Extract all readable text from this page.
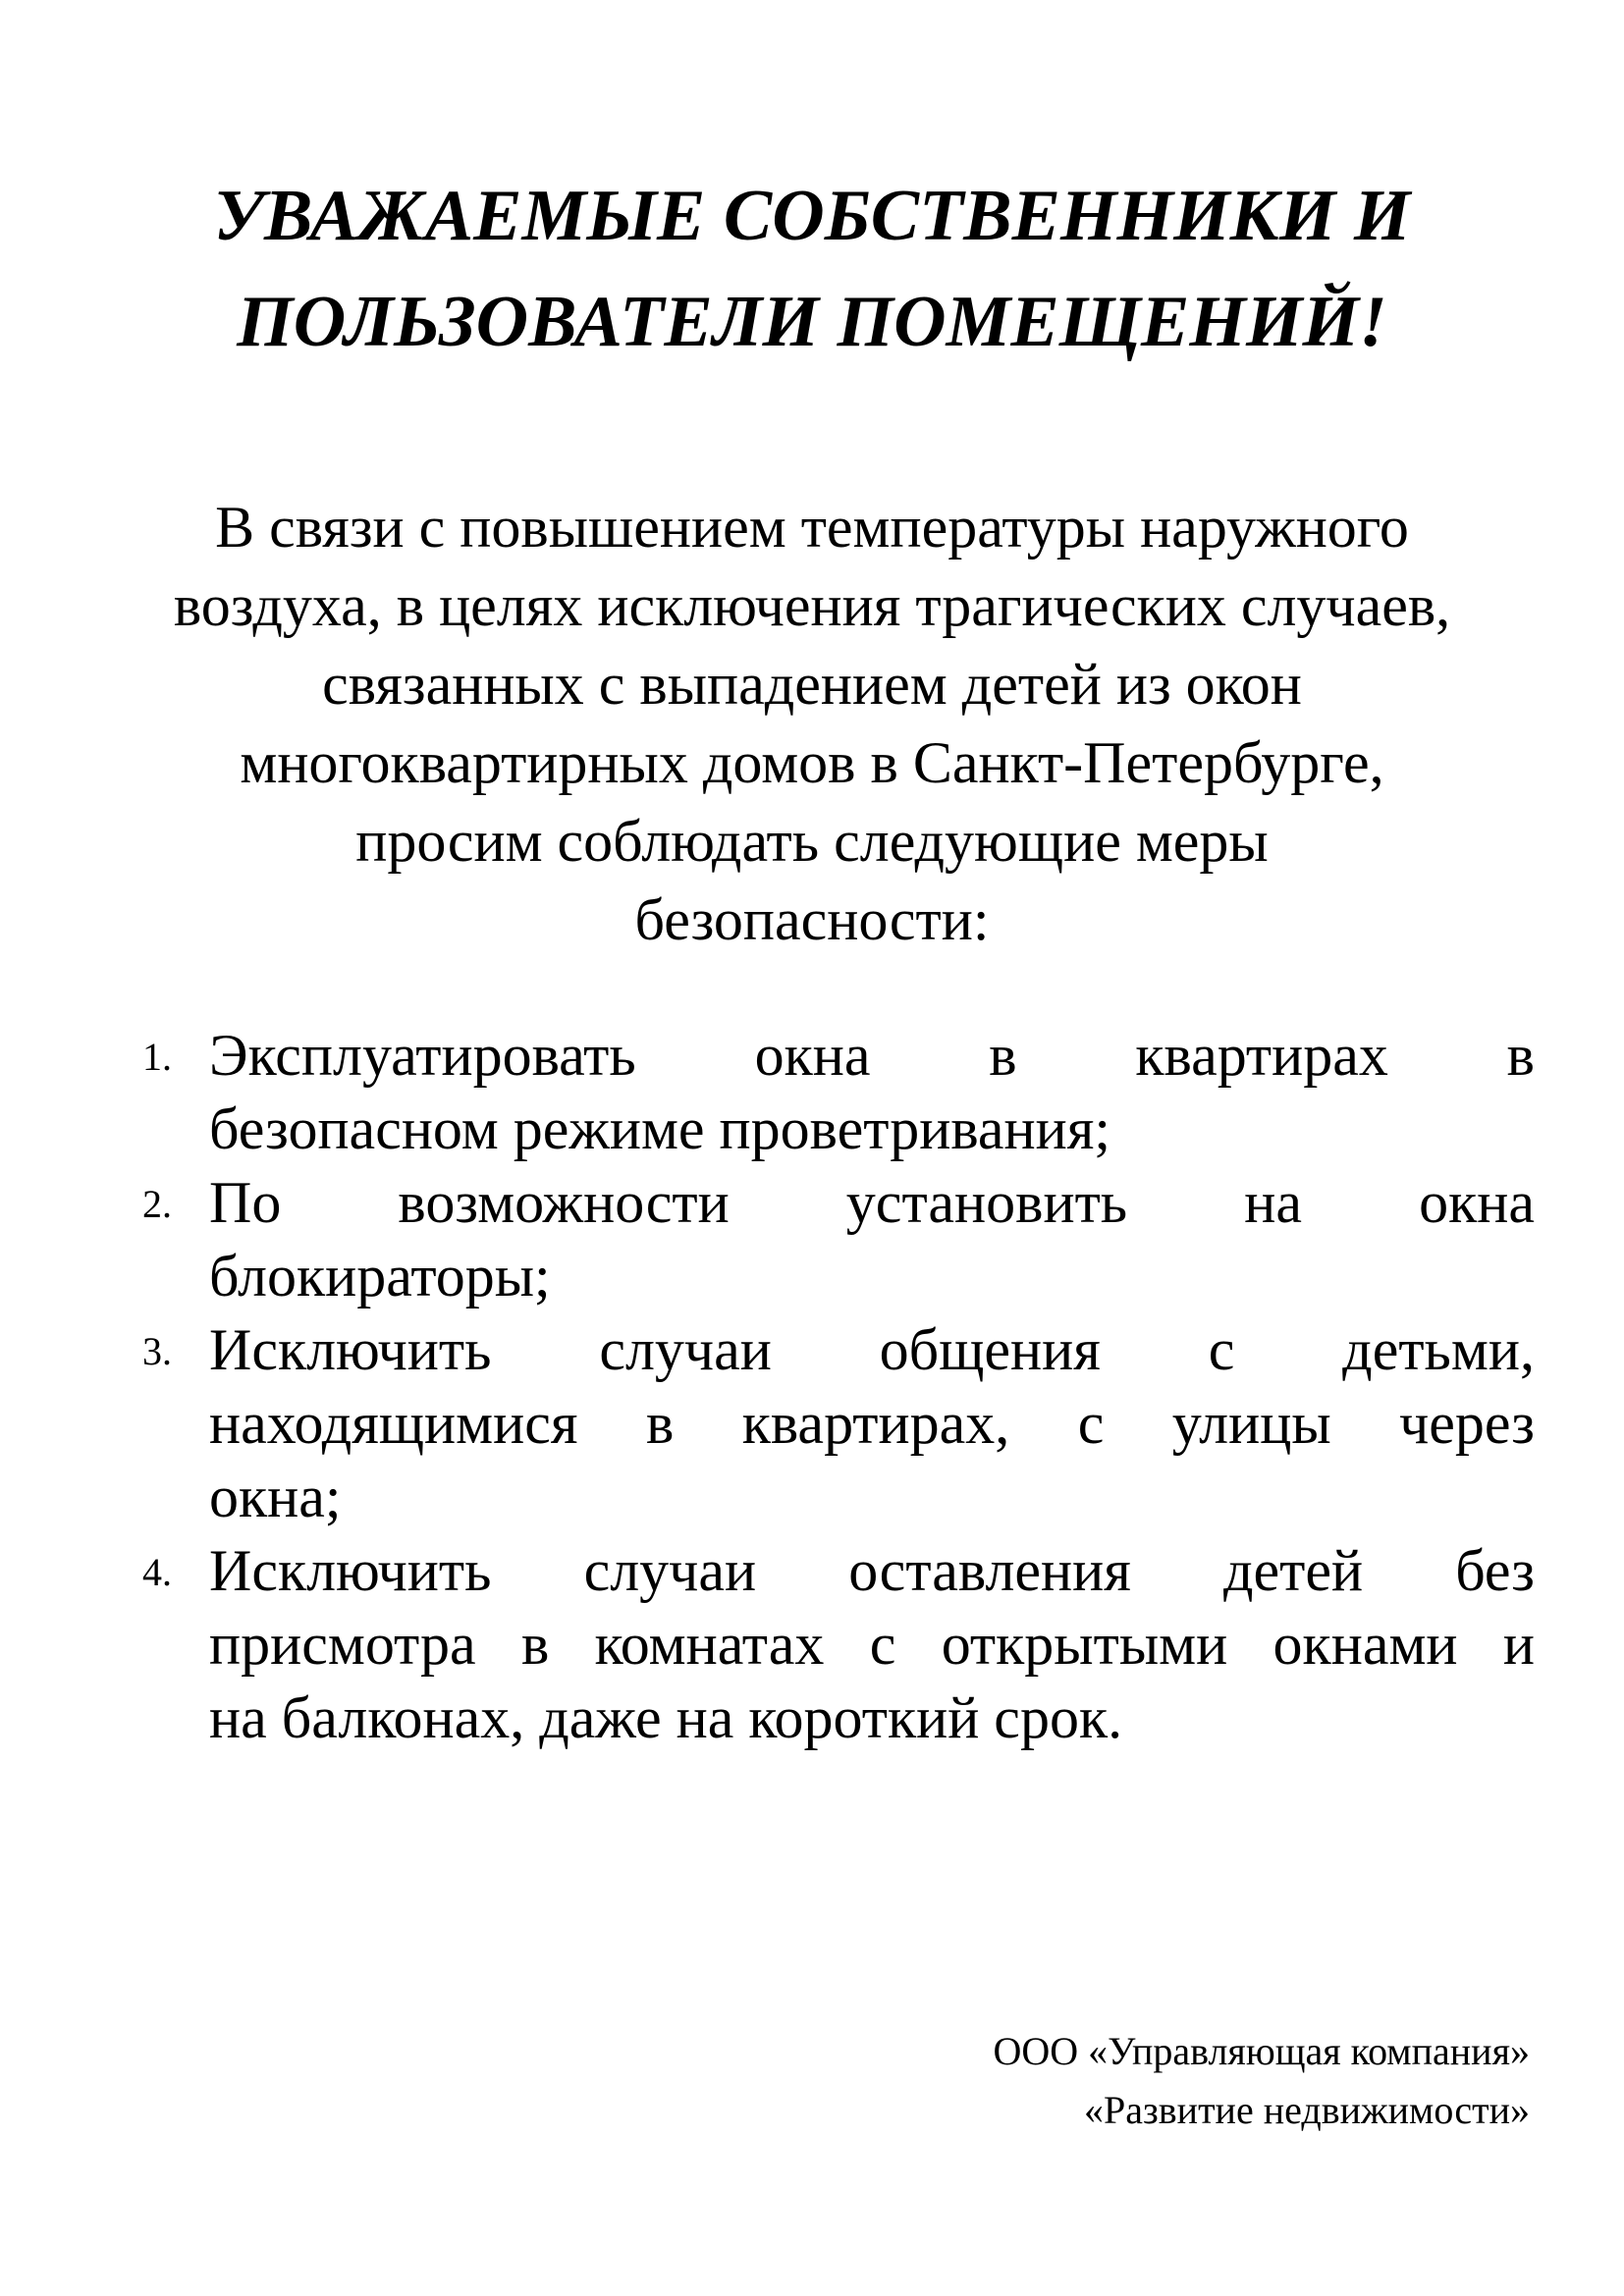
УВАЖАЕМЫЕ СОБСТВЕННИКИ И
ПОЛЬЗОВАТЕЛИ ПОМЕЩЕНИЙ!

В связи с повышением температуры наружного
воздуха, в целях исключения трагических случаев,
связанных с выпадением детей из окон
многоквартирных домов в Санкт-Петербурге,
просим соблюдать следующие меры
безопасности:

1. Эксплуатировать окна в квартирах в
безопасном режиме проветривания;
2. По возможности установить на окна
блокираторы;
3. Исключить случаи общения с детьми,
находящимися в квартирах, с улицы через
окна;
4. Исключить случаи оставления детей без
присмотра в комнатах с открытыми окнами и
на балконах, даже на короткий срок.

ООО «Управляющая компания»
«Развитие недвижимости»
